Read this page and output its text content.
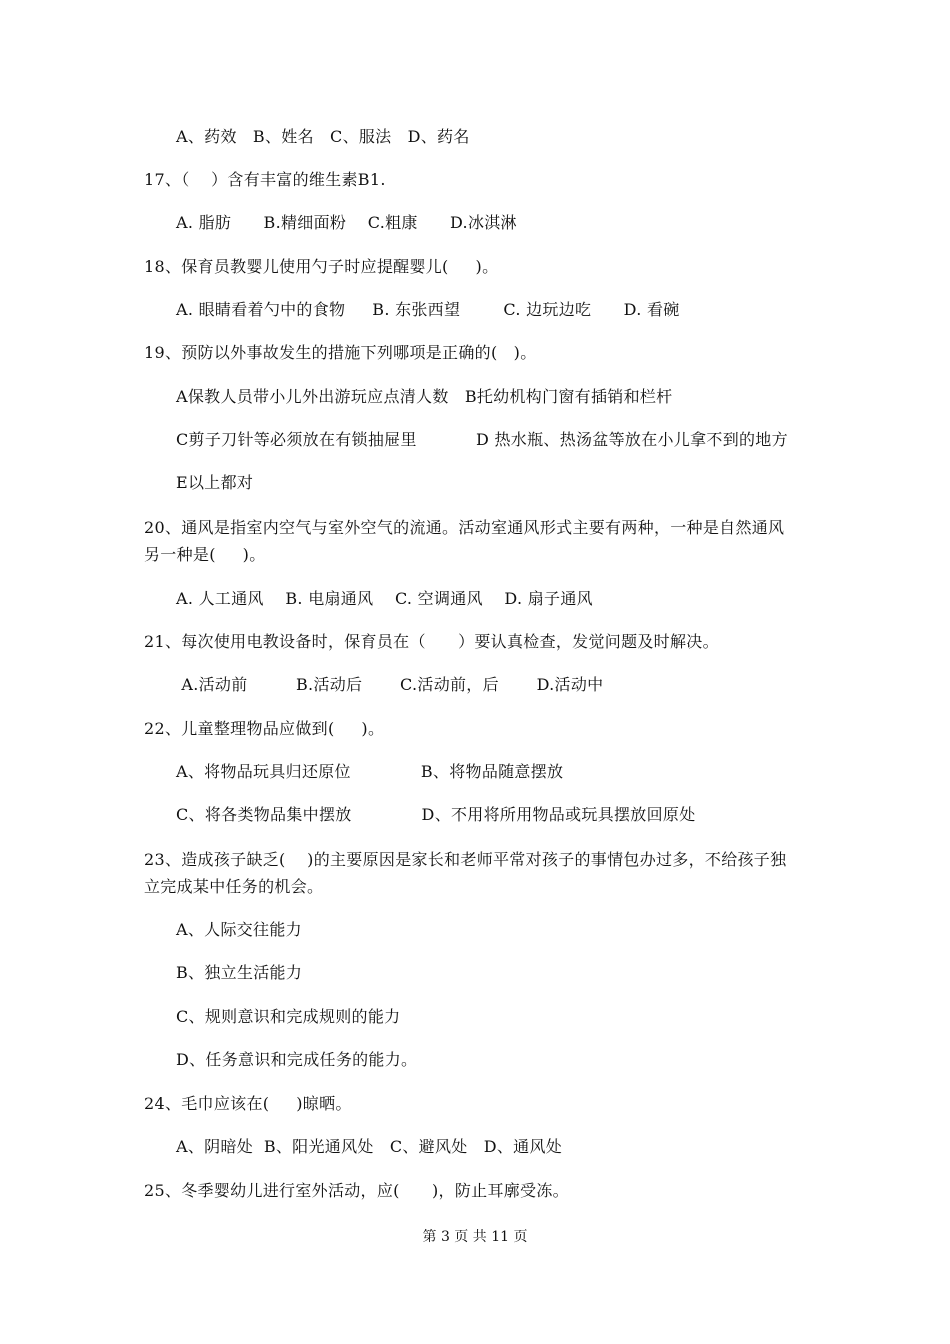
A、药效   B、姓名   C、服法   D、药名
17、（    ）含有丰富的维生素B1.
A. 脂肪      B.精细面粉    C.粗康      D.冰淇淋
18、保育员教婴儿使用勺子时应提醒婴儿(     )。
A. 眼睛看着勺中的食物     B. 东张西望        C. 边玩边吃      D. 看碗
19、预防以外事故发生的措施下列哪项是正确的(   )。
A保教人员带小儿外出游玩应点清人数   B托幼机构门窗有插销和栏杆
C剪子刀针等必须放在有锁抽屉里           D 热水瓶、热汤盆等放在小儿拿不到的地方
E以上都对
20、通风是指室内空气与室外空气的流通。活动室通风形式主要有两种，一种是自然通风
另一种是(     )。
A. 人工通风    B. 电扇通风    C. 空调通风    D. 扇子通风
21、每次使用电教设备时，保育员在（      ）要认真检查，发觉问题及时解决。
A.活动前         B.活动后       C.活动前，后       D.活动中
22、儿童整理物品应做到(     )。
A、将物品玩具归还原位             B、将物品随意摆放
C、将各类物品集中摆放             D、不用将所用物品或玩具摆放回原处
23、造成孩子缺乏(    )的主要原因是家长和老师平常对孩子的事情包办过多，不给孩子独
立完成某中任务的机会。
A、人际交往能力
B、独立生活能力
C、规则意识和完成规则的能力
D、任务意识和完成任务的能力。
24、毛巾应该在(     )晾晒。
A、阴暗处  B、阳光通风处   C、避风处   D、通风处
25、冬季婴幼儿进行室外活动，应(      )，防止耳廓受冻。
第 3 页 共 11 页
